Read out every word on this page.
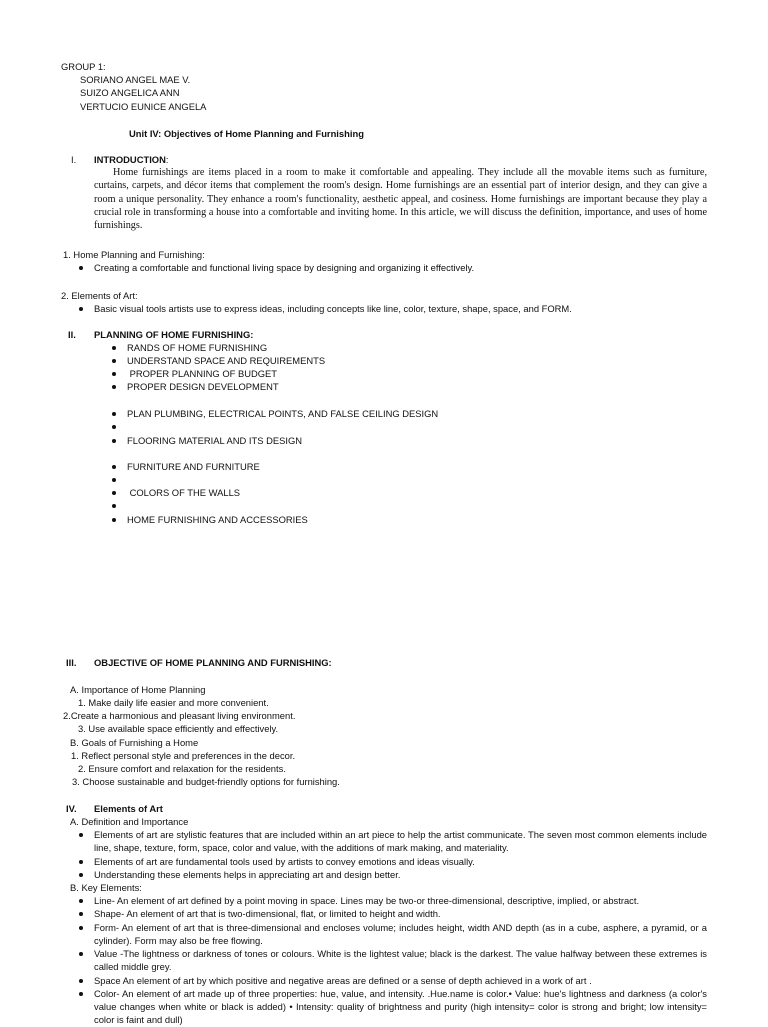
GROUP 1:
SORIANO ANGEL MAE V.
SUIZO ANGELICA ANN
VERTUCIO EUNICE ANGELA
Unit IV: Objectives of Home Planning and Furnishing
I. INTRODUCTION:
Home furnishings are items placed in a room to make it comfortable and appealing. They include all the movable items such as furniture, curtains, carpets, and décor items that complement the room's design. Home furnishings are an essential part of interior design, and they can give a room a unique personality. They enhance a room's functionality, aesthetic appeal, and cosiness. Home furnishings are important because they play a crucial role in transforming a house into a comfortable and inviting home. In this article, we will discuss the definition, importance, and uses of home furnishings.
1. Home Planning and Furnishing:
Creating a comfortable and functional living space by designing and organizing it effectively.
2. Elements of Art:
Basic visual tools artists use to express ideas, including concepts like line, color, texture, shape, space, and FORM.
II. PLANNING OF HOME FURNISHING:
RANDS OF HOME FURNISHING
UNDERSTAND SPACE AND REQUIREMENTS
PROPER PLANNING OF BUDGET
PROPER DESIGN DEVELOPMENT
PLAN PLUMBING, ELECTRICAL POINTS, AND FALSE CEILING DESIGN
FLOORING MATERIAL AND ITS DESIGN
FURNITURE AND FURNITURE
COLORS OF THE WALLS
HOME FURNISHING AND ACCESSORIES
III. OBJECTIVE OF HOME PLANNING AND FURNISHING:
A. Importance of Home Planning
1. Make daily life easier and more convenient.
2.Create a harmonious and pleasant living environment.
3. Use available space efficiently and effectively.
B. Goals of Furnishing a Home
1. Reflect personal style and preferences in the decor.
2. Ensure comfort and relaxation for the residents.
3. Choose sustainable and budget-friendly options for furnishing.
IV. Elements of Art
A. Definition and Importance
Elements of art are stylistic features that are included within an art piece to help the artist communicate. The seven most common elements include line, shape, texture, form, space, color and value, with the additions of mark making, and materiality.
Elements of art are fundamental tools used by artists to convey emotions and ideas visually.
Understanding these elements helps in appreciating art and design better.
B. Key Elements:
Line- An element of art defined by a point moving in space. Lines may be two-or three-dimensional, descriptive, implied, or abstract.
Shape- An element of art that is two-dimensional, flat, or limited to height and width.
Form- An element of art that is three-dimensional and encloses volume; includes height, width AND depth (as in a cube, asphere, a pyramid, or a cylinder). Form may also be free flowing.
Value -The lightness or darkness of tones or colours. White is the lightest value; black is the darkest. The value halfway between these extremes is called middle grey.
Space An element of art by which positive and negative areas are defined or a sense of depth achieved in a work of art .
Color- An element of art made up of three properties: hue, value, and intensity. .Hue.name is color.• Value: hue's lightness and darkness (a color's value changes when white or black is added) • Intensity: quality of brightness and purity (high intensity= color is strong and bright; low intensity= color is faint and dull)
